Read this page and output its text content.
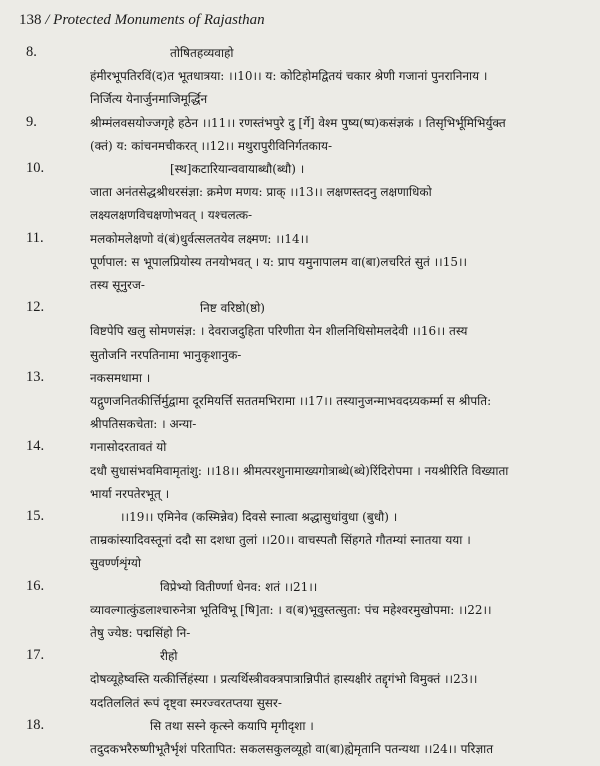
138 / Protected Monuments of Rajasthan
8.	तोषितहव्यवाहो
हंमीरभूपतिरविं(द)त भूतधात्रया: ।।10।। य: कोटिहोमद्वितयं चकार श्रेणी गजानां पुनरानिनाय ।
निर्जित्य येनार्जुनमाजिमूर्द्धिन
9.	श्रीम्मंलवसयोज्जगृहे हठेन ।।11।। रणस्तंभपुरे दु [र्गे] वेश्म पुष्य(ष्प)कसंज्ञकं । तिसृभिर्भूमिभिर्युक्त
(क्तं) य: कांचनमचीकरत् ।।12।। मथुरापुरीविनिर्गतकाय-
10.	[स्थ]कटारियान्ववायाब्धौ(ब्धौ) ।
जाता अनंतसेद्धश्रीधरसंज्ञा: क्रमेण मणय: प्राक् ।।13।। लक्षणस्तदनु लक्षणाधिको
लक्ष्यलक्षणविचक्षणोभवत् । यश्चलत्क-
11.	मलकोमलेक्षणो वं(बं)धुर्वत्सलतयेव लक्ष्मण: ।।14।।
पूर्णपाल: स भूपालप्रियोस्य तनयोभवत् । य: प्राप यमुनापालम वा(बा)लचरितं सुतं ।।15।।
तस्य सूनुरज-
12.	निष्ट वरिष्ठो(ष्ठो)
विष्टपेपि खलु सोमणसंज्ञ: । देवराजदुहिता परिणीता येन शीलनिधिसोमलदेवी ।।16।। तस्य
सुतोजनि नरपतिनामा भानुकृशानुक-
13.	नकसमधामा ।
यद्गुणजनितकीर्त्तिर्मुद्वामा दूरमियर्त्ति सततमभिरामा ।।17।। तस्यानुजन्माभवदग्र्यकर्म्मा स श्रीपति:
श्रीपतिसकचेता: । अन्या-
14.	गनासोदरतावतं यो
दधौ सुधासंभवमिवामृतांशु: ।।18।। श्रीमत्परशुनामाख्यगोत्राब्धे(ब्धे)रिंदिरोपमा । नयश्रीरिति विख्याता
भार्या नरपतेरभूत् ।
15.	।।19।। एमिनेव (कस्मिन्नेव) दिवसे स्नात्वा श्रद्धासुधांवुधा (बुधौ) ।
ताम्रकांस्यादिवस्तूनां ददौ सा दशधा तुलां ।।20।। वाचस्पतौ सिंहगते गौतम्यां स्नातया यया ।
सुवर्ण्णशृंग्यो
16.	विप्रेभ्यो वितीर्ण्णा धेनव: शतं ।।21।।
व्यावल्गात्कुंडलाश्चारुनेत्रा भूतिविभू [षि]ता: । व(ब)भूवुस्तत्सुता: पंच महेश्वरमुखोपमा: ।।22।।
तेषु ज्येष्ठ: पद्मसिंहो नि-
17.	रीहो
दोषव्यूहेष्वस्ति यत्कीर्त्तिहंस्या । प्रत्यर्थिस्त्रीवक्त्रपात्रान्निपीतं हास्यक्षीरं तद्दृगंभो विमुक्तं ।।23।।
यदतिललितं रूपं दृष्ट्वा स्मरज्वरतप्तया सुसर-
18.	सि तथा सस्ने कृत्स्ने कयापि मृगीदृशा ।
तदुदकभरैरुष्णीभूतैर्भृशं परितापित: सकलसकुलव्यूहो वा(बा)ह्येमृतानि पतन्यथा ।।24।। परिज्ञात
